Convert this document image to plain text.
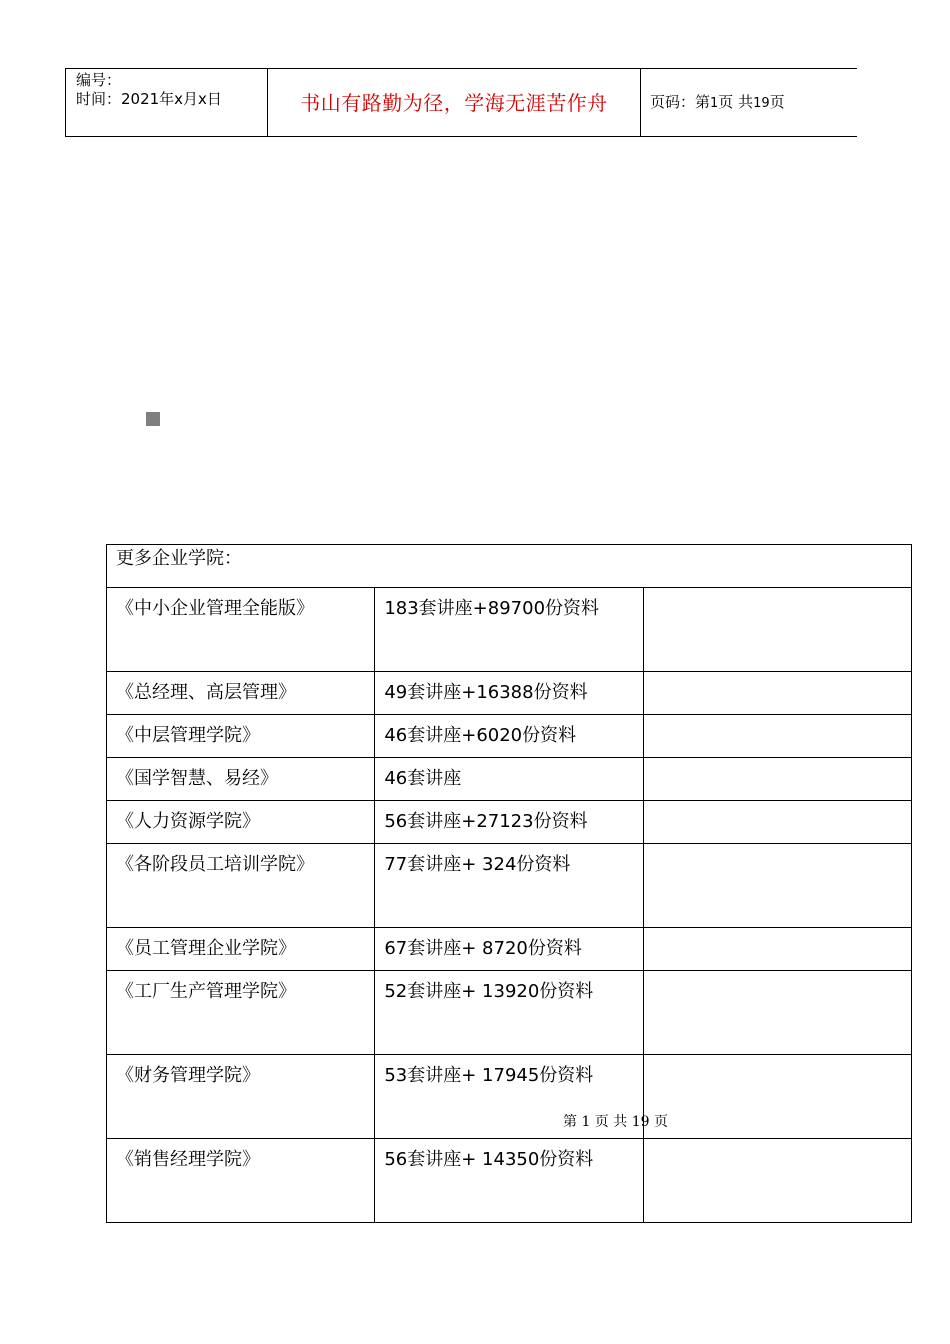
编号：
时间：2021年x月x日	书山有路勤为径，学海无涯苦作舟	页码：第1页 共19页
更多企业学院：		
《中小企业管理全能版》	183套讲座+89700份资料	
《总经理、高层管理》	49套讲座+16388份资料	
《中层管理学院》	46套讲座+6020份资料	
《国学智慧、易经》	46套讲座	
《人力资源学院》	56套讲座+27123份资料	
《各阶段员工培训学院》	77套讲座+ 324份资料	
《员工管理企业学院》	67套讲座+ 8720份资料	
《工厂生产管理学院》	52套讲座+ 13920份资料	
《财务管理学院》	53套讲座+ 17945份资料	
《销售经理学院》	56套讲座+ 14350份资料	
第 1 页 共 19 页
